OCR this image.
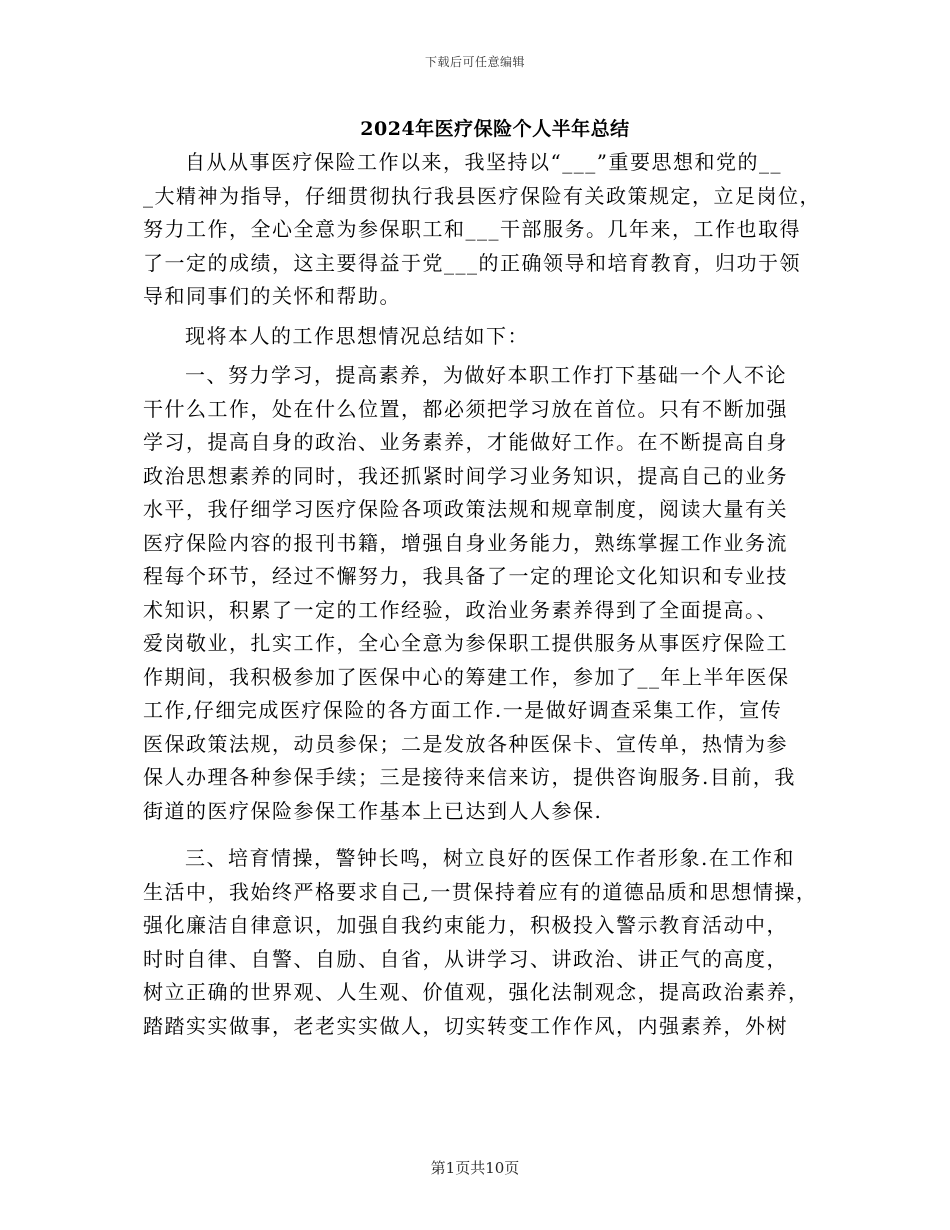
下载后可任意编辑
2024年医疗保险个人半年总结
自从从事医疗保险工作以来，我坚持以“___”重要思想和党的__
_大精神为指导，仔细贯彻执行我县医疗保险有关政策规定，立足岗位，
努力工作，全心全意为参保职工和___干部服务。几年来，工作也取得
了一定的成绩，这主要得益于党___的正确领导和培育教育，归功于领
导和同事们的关怀和帮助。
现将本人的工作思想情况总结如下：
一、努力学习，提高素养，为做好本职工作打下基础一个人不论
干什么工作，处在什么位置，都必须把学习放在首位。只有不断加强
学习，提高自身的政治、业务素养，才能做好工作。在不断提高自身
政治思想素养的同时，我还抓紧时间学习业务知识，提高自己的业务
水平，我仔细学习医疗保险各项政策法规和规章制度，阅读大量有关
医疗保险内容的报刊书籍，增强自身业务能力，熟练掌握工作业务流
程每个环节，经过不懈努力，我具备了一定的理论文化知识和专业技
术知识，积累了一定的工作经验，政治业务素养得到了全面提高。、
爱岗敬业，扎实工作，全心全意为参保职工提供服务从事医疗保险工
作期间，我积极参加了医保中心的筹建工作，参加了__年上半年医保
工作,仔细完成医疗保险的各方面工作.一是做好调查采集工作，宣传
医保政策法规，动员参保；二是发放各种医保卡、宣传单，热情为参
保人办理各种参保手续；三是接待来信来访，提供咨询服务.目前，我
街道的医疗保险参保工作基本上已达到人人参保.
三、培育情操，警钟长鸣，树立良好的医保工作者形象.在工作和
生活中，我始终严格要求自己,一贯保持着应有的道德品质和思想情操，
强化廉洁自律意识，加强自我约束能力，积极投入警示教育活动中，
时时自律、自警、自励、自省，从讲学习、讲政治、讲正气的高度，
树立正确的世界观、人生观、价值观，强化法制观念，提高政治素养，
踏踏实实做事，老老实实做人，切实转变工作作风，内强素养，外树
第1页共10页
